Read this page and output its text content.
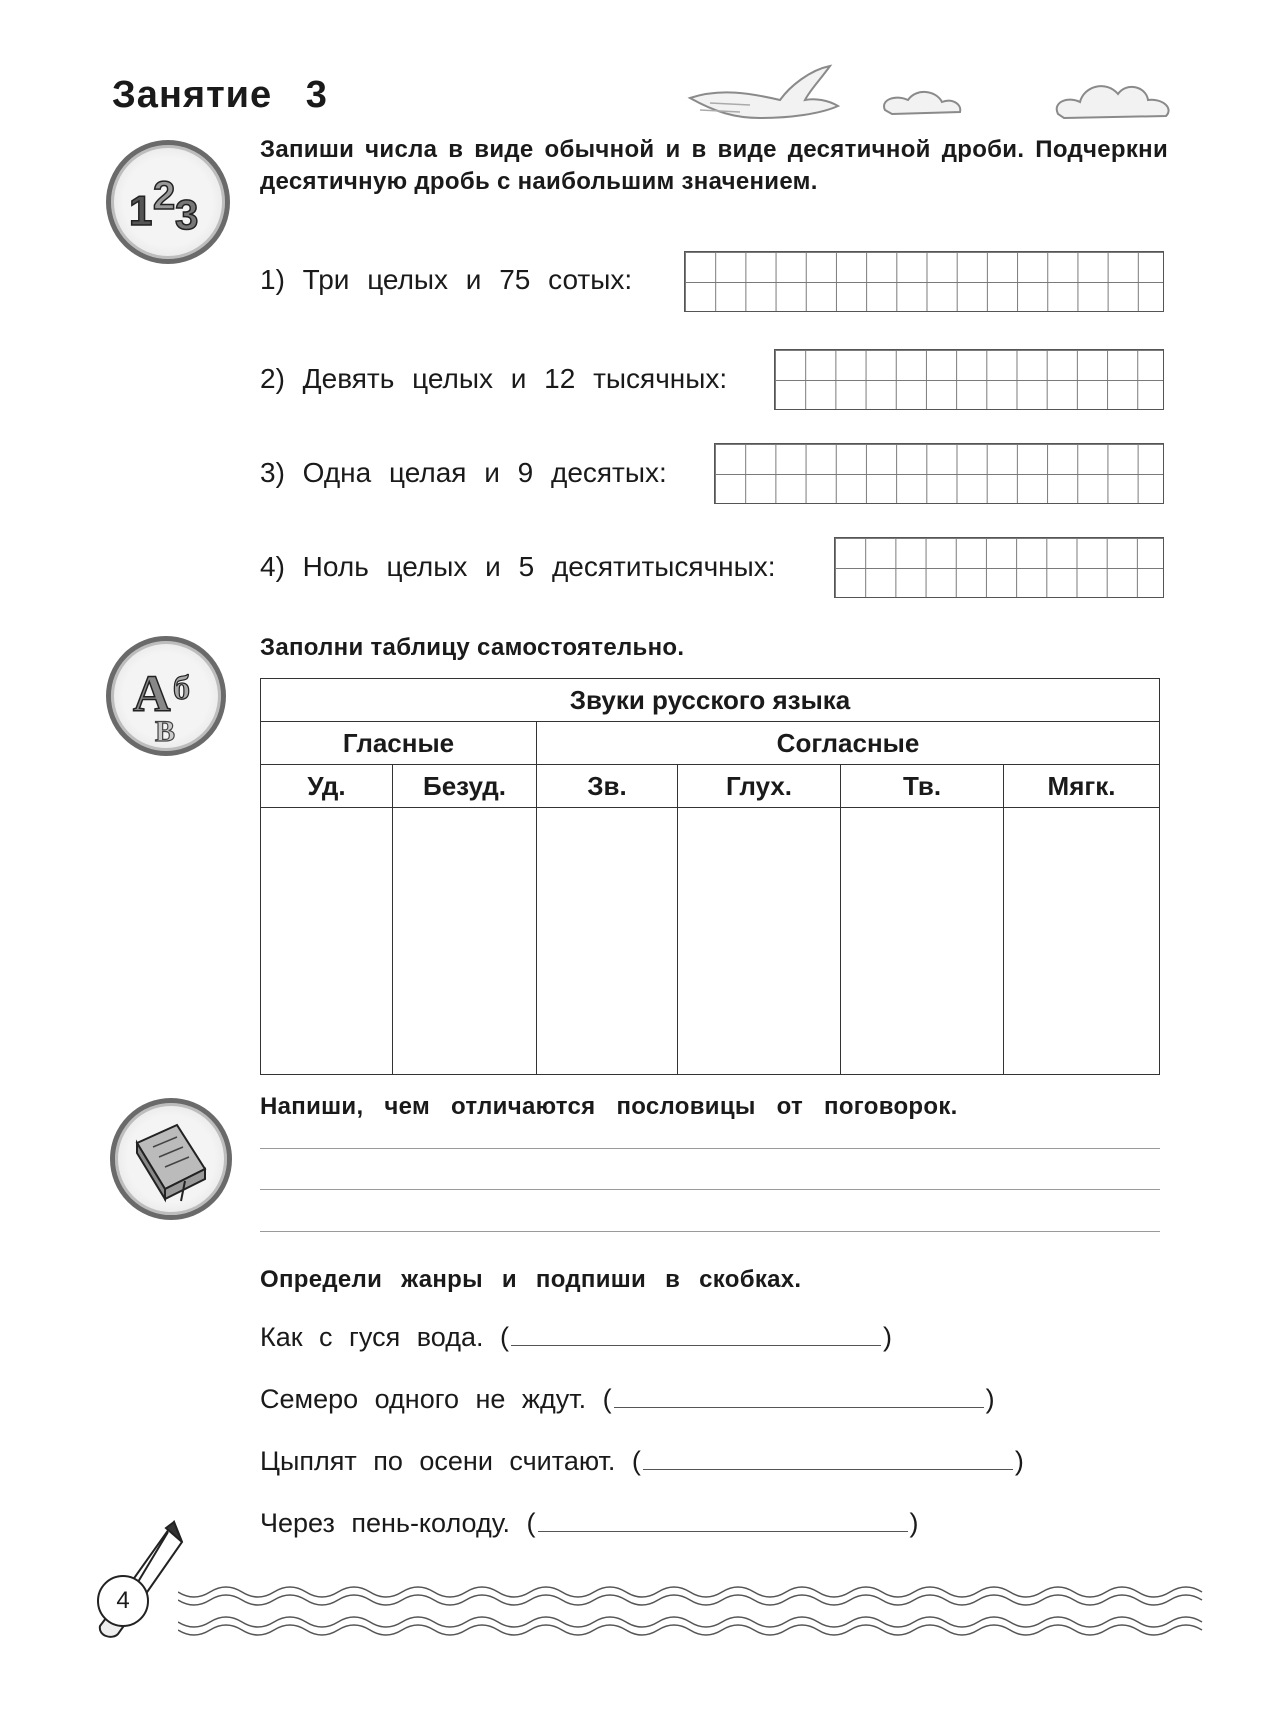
Занятие 3
1 2 3
Запиши числа в виде обычной и в виде десятичной дроби. Подчеркни десятичную дробь с наибольшим значением.
1) Три целых и 75 сотых:
2) Девять целых и 12 тысячных:
3) Одна целая и 9 десятых:
4) Ноль целых и 5 десятитысячных:
А б
В
Заполни таблицу самостоятельно.
Звуки русского языка					
Гласные		Согласные			
Уд.	Безуд.	Зв.	Глух.	Тв.	Мягк.

Напиши, чем отличаются пословицы от поговорок.
Определи жанры и подпиши в скобках.
Как с гуся вода. (	)
Семеро одного не ждут. (	)
Цыплят по осени считают. (	)
Через пень-колоду. (	)
4
